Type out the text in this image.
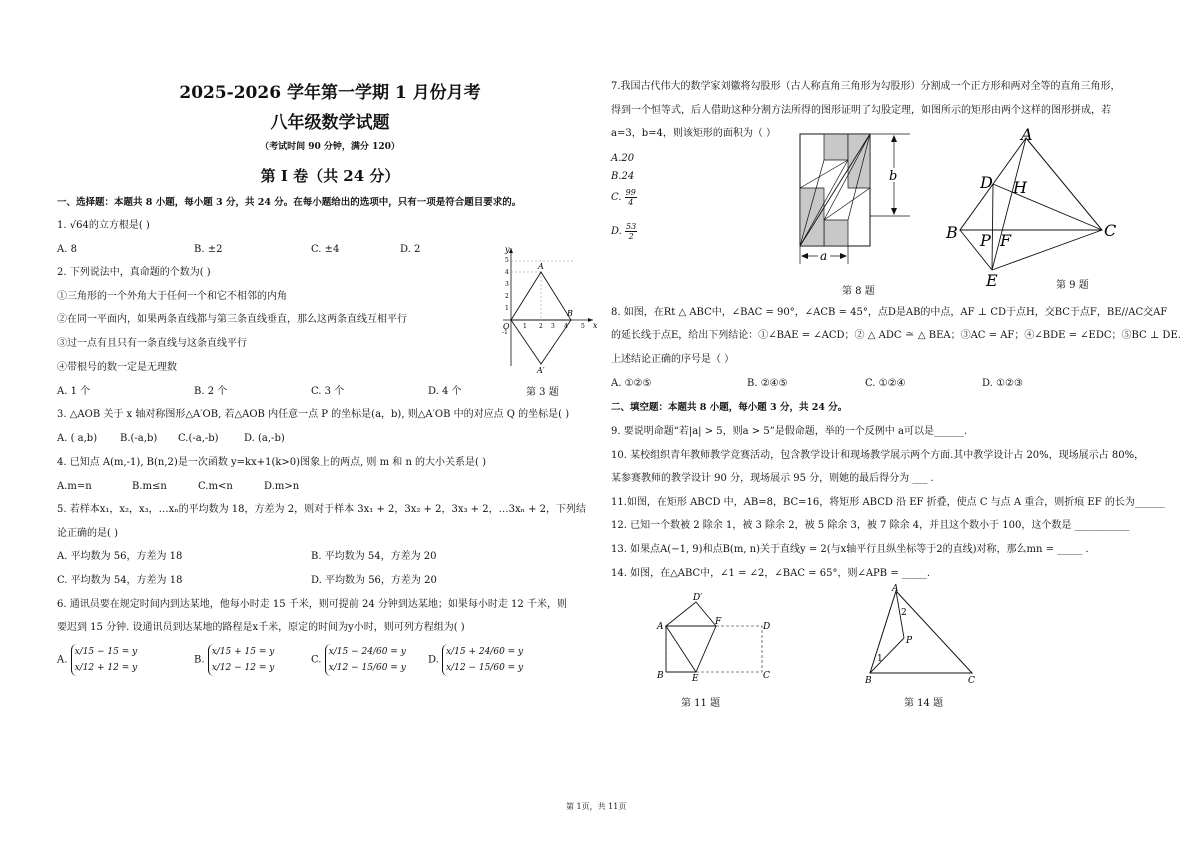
2025-2026 学年第一学期 1 月份月考
八年级数学试题
（考试时间 90 分钟，满分 120）
第 I 卷（共 24 分）
一、选择题：本题共 8 小题，每小题 3 分，共 24 分。在每小题给出的选项中，只有一项是符合题目要求的。
1. √64的立方根是( )
A. 8	B. ±2	C. ±4	D. 2
2. 下列说法中，真命题的个数为( )
①三角形的一个外角大于任何一个和它不相邻的内角
②在同一平面内，如果两条直线都与第三条直线垂直，那么这两条直线互相平行
③过一点有且只有一条直线与这条直线平行
④带根号的数一定是无理数
A. 1 个	B. 2 个	C. 3 个	D. 4 个
y
x
O
5
4
3
2
1
-1
1 2 3 4 5
A
B
A′
第 3 题
3. △AOB 关于 x 轴对称图形△A′OB, 若△AOB 内任意一点 P 的坐标是(a，b), 则△A′OB 中的对应点 Q 的坐标是( )
A. ( a,b) B.(-a,b) C.(-a,-b)	D. (a,-b)
4. 已知点 A(m,-1), B(n,2)是一次函数 y=kx+1(k>0)图象上的两点, 则 m 和 n 的大小关系是( )
A.m=n	B.m≤n	C.m<n	D.m>n
5. 若样本x₁，x₂，x₃，…xₙ的平均数为 18，方差为 2，则对于样本 3x₁ + 2，3x₂ + 2，3x₃ + 2，…3xₙ + 2，下列结
论正确的是( )
A. 平均数为 56，方差为 18	B. 平均数为 54，方差为 20
C. 平均数为 54，方差为 18	D. 平均数为 56，方差为 20
6. 通讯员要在规定时间内到达某地，他每小时走 15 千米，则可提前 24 分钟到达某地；如果每小时走 12 千米，则
要迟到 15 分钟. 设通讯员到达某地的路程是x千米，原定的时间为y小时，则可列方程组为( )
A.
x/15 − 15 = y
x/12 + 12 = y
B.
x/15 + 15 = y
x/12 − 12 = y
C.
x/15 − 24/60 = y
x/12 − 15/60 = y
D.
x/15 + 24/60 = y
x/12 − 15/60 = y
7.我国古代伟大的数学家刘徽将勾股形（古人称直角三角形为勾股形）分割成一个正方形和两对全等的直角三角形，
得到一个恒等式，后人借助这种分割方法所得的图形证明了勾股定理，如图所示的矩形由两个这样的图形拼成，若
a=3，b=4，则该矩形的面积为（ ）
A.20
B.24
C. $\frac{99}{4}$
D. $\frac{53}{2}$
a
b
第 8 题
A
D H
B P F
C
E	第 9 题
8. 如图，在Rt △ ABC中，∠BAC = 90°，∠ACB = 45°，点D是AB的中点，AF ⊥ CD于点H，交BC于点F，BE//AC交AF
的延长线于点E，给出下列结论：①∠BAE = ∠ACD；② △ ADC ≅ △ BEA；③AC = AF；④∠BDE = ∠EDC；⑤BC ⊥ DE.
上述结论正确的序号是（ ）
A. ①②⑤	B. ②④⑤	C. ①②④	D. ①②③
二、填空题：本题共 8 小题，每小题 3 分，共 24 分。
9. 要说明命题“若|a| > 5，则a > 5”是假命题，举的一个反例中 a可以是______.
10. 某校组织青年教师教学竞赛活动，包含教学设计和现场教学展示两个方面.其中教学设计占 20%，现场展示占 80%，
某参赛教师的教学设计 90 分，现场展示 95 分，则她的最后得分为 ___ .
11.如图，在矩形 ABCD 中，AB=8，BC=16，将矩形 ABCD 沿 EF 折叠，使点 C 与点 A 重合，则折痕 EF 的长为______
12. 已知一个数被 2 除余 1，被 3 除余 2，被 5 除余 3，被 7 除余 4，并且这个数小于 100，这个数是 ___________
13. 如果点A(−1, 9)和点B(m, n)关于直线y = 2(与x轴平行且纵坐标等于2的直线)对称，那么mn = _____ .
14. 如图，在△ABC中，∠1 = ∠2，∠BAC = 65°，则∠APB = _____.
D′
A	F	D
B	E	C
第 11 题
A
2
P
1
B	C
第 14 题
第 1页，共 11页
